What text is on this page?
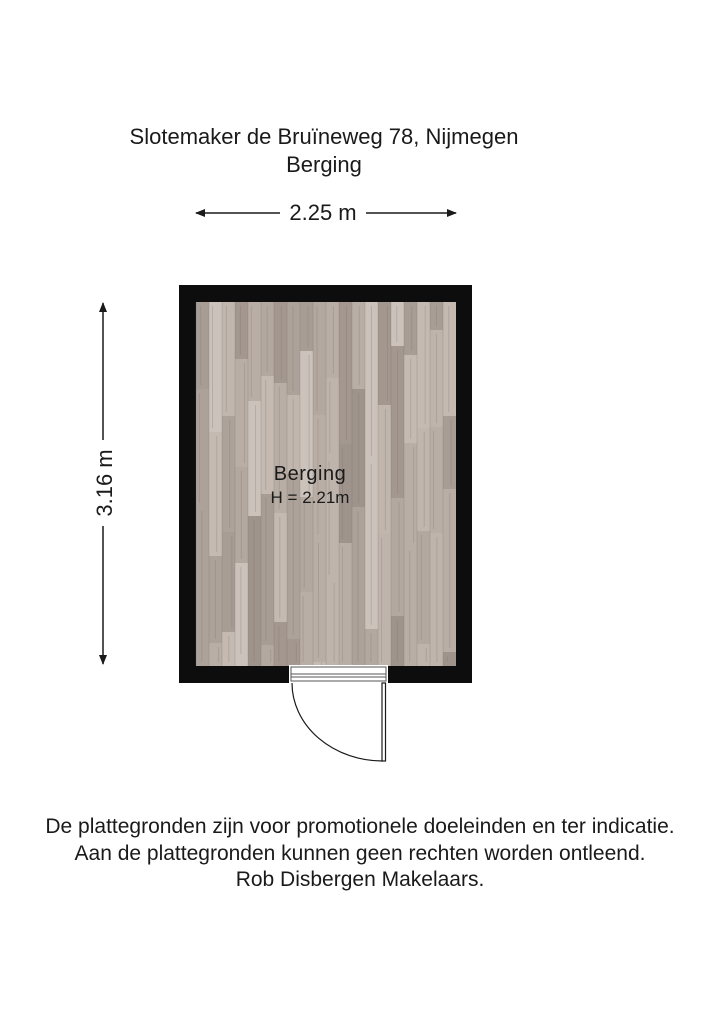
Slotemaker de Bruïneweg 78, Nijmegen
Berging
2.25 m
3.16 m	Berging
H = 2.21m
De plattegronden zijn voor promotionele doeleinden en ter indicatie.
Aan de plattegronden kunnen geen rechten worden ontleend.
Rob Disbergen Makelaars.
